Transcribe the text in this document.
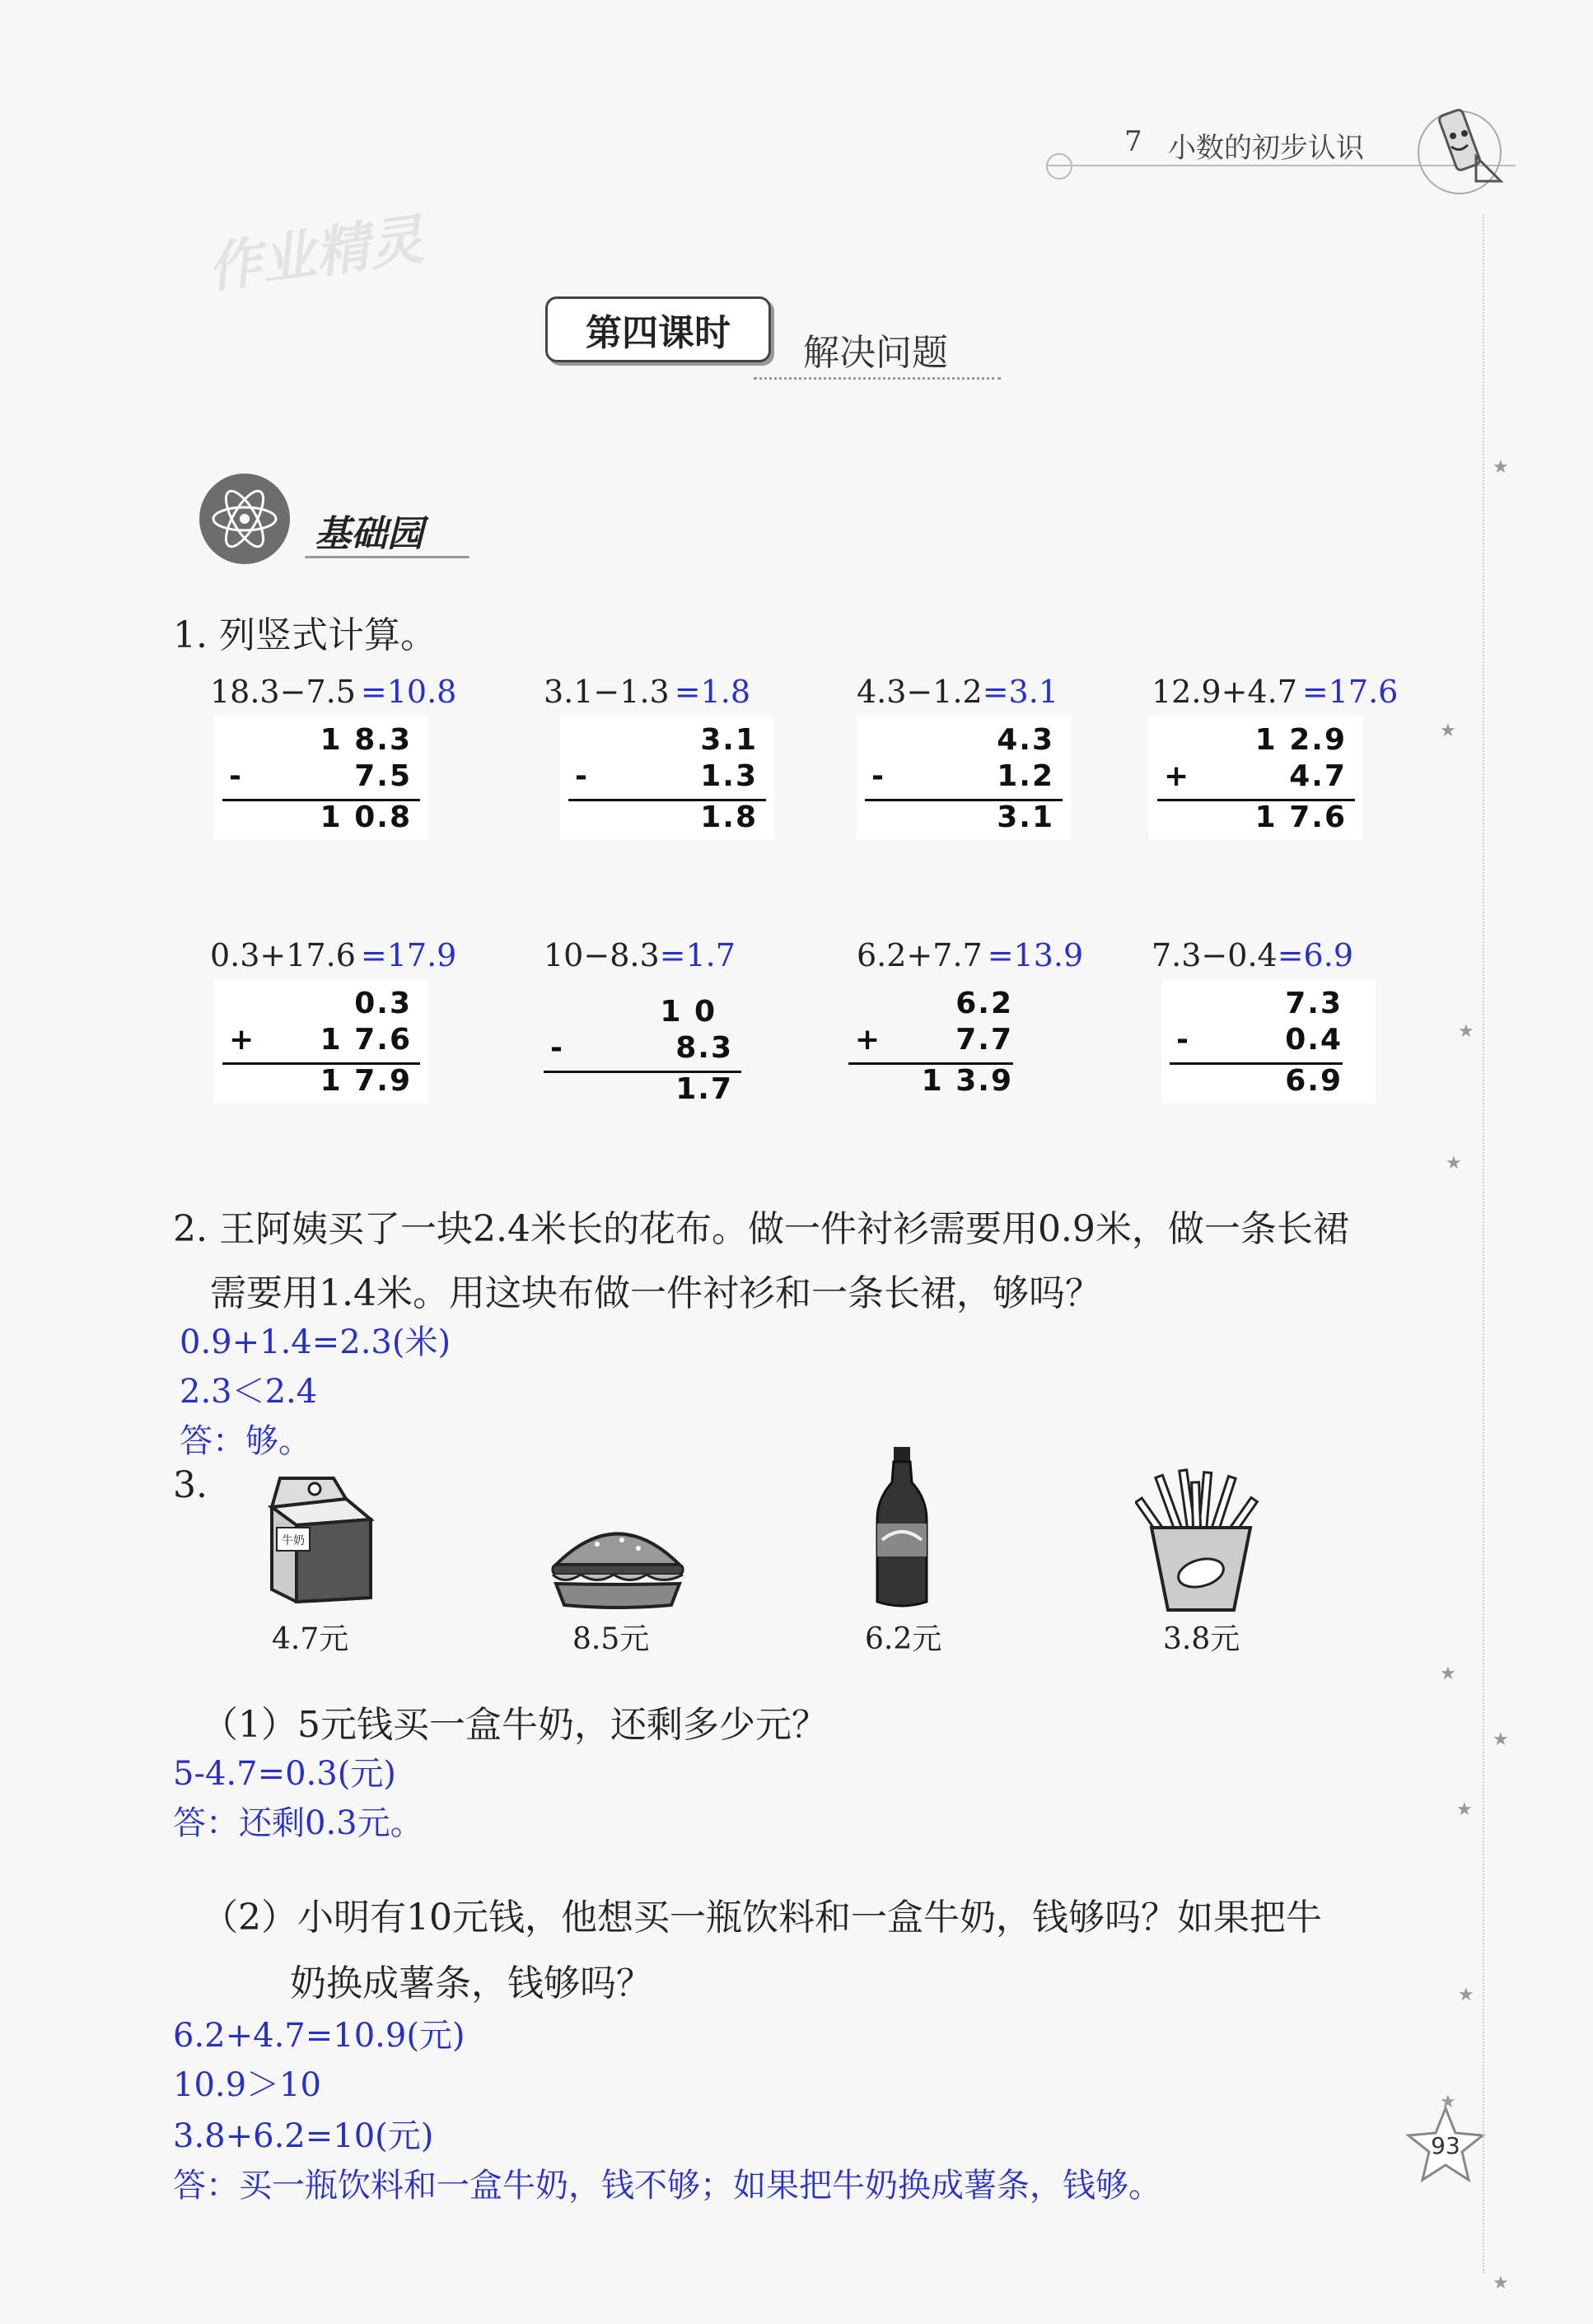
7 小数的初步认识
作业精灵
第四课时 解决问题
基础园
1. 列竖式计算。
18.3−7.5 =10.8	3.1−1.3 =1.8	4.3−1.2=3.1	12.9+4.7 =17.6
1 8.3
-	7.5
1 0.8
3.1
-	1.3
1.8
4.3
-	1.2
3.1
1 2.9
+	4.7
1 7.6
0.3+17.6 =17.9	10−8.3=1.7	6.2+7.7 =13.9 7.3−0.4=6.9
0.3
+ 1 7.6
1 7.9
1 0
-	8.3
1.7
6.2
+	7.7
1 3.9
7.3
-	0.4
6.9
2. 王阿姨买了一块2.4米长的花布。做一件衬衫需要用0.9米，做一条长裙
需要用1.4米。用这块布做一件衬衫和一条长裙，够吗？
0.9+1.4=2.3(米)
2.3＜2.4
答：够。
3.
牛奶
4.7元	8.5元	6.2元	3.8元
（1）5元钱买一盒牛奶，还剩多少元？
5-4.7=0.3(元)
答：还剩0.3元。
（2）小明有10元钱，他想买一瓶饮料和一盒牛奶，钱够吗？如果把牛
奶换成薯条，钱够吗？
6.2+4.7=10.9(元)
10.9＞10
3.8+6.2=10(元)
答：买一瓶饮料和一盒牛奶，钱不够；如果把牛奶换成薯条，钱够。
93
★
★
★
★
★
★
★
★
★
★
